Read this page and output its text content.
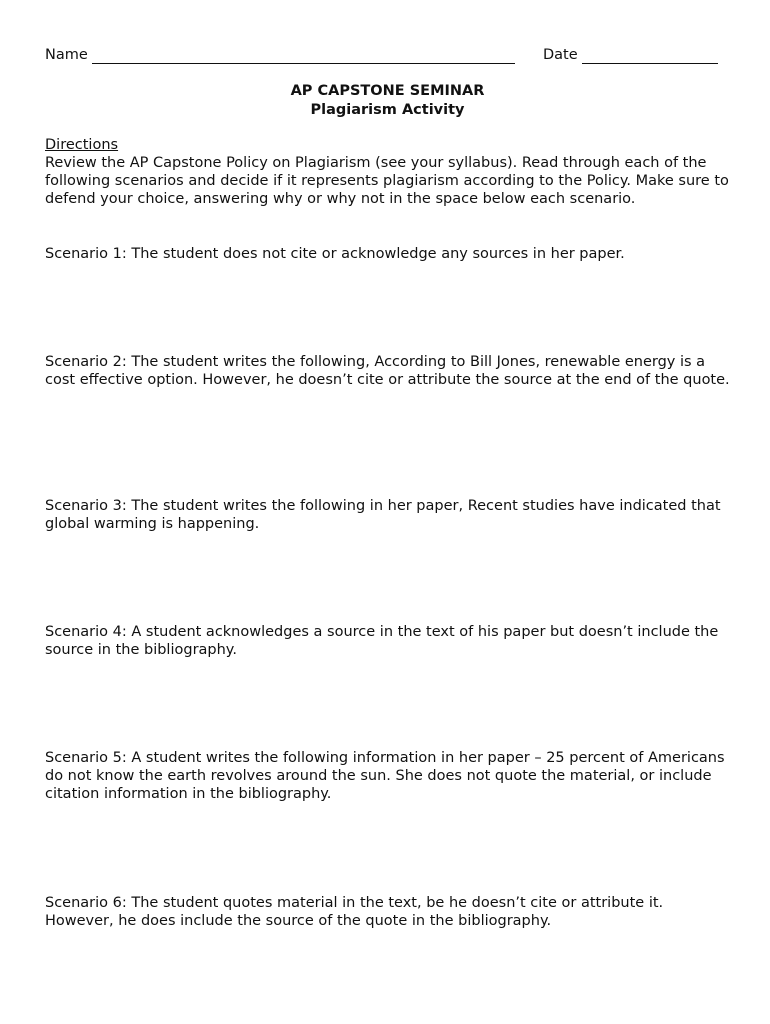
Name	Date
AP CAPSTONE SEMINAR
Plagiarism Activity
Directions
Review the AP Capstone Policy on Plagiarism (see your syllabus). Read through each of the following scenarios and decide if it represents plagiarism according to the Policy. Make sure to defend your choice, answering why or why not in the space below each scenario.
Scenario 1: The student does not cite or acknowledge any sources in her paper.
Scenario 2: The student writes the following, According to Bill Jones, renewable energy is a cost effective option. However, he doesn’t cite or attribute the source at the end of the quote.
Scenario 3: The student writes the following in her paper, Recent studies have indicated that global warming is happening.
Scenario 4: A student acknowledges a source in the text of his paper but doesn’t include the source in the bibliography.
Scenario 5: A student writes the following information in her paper – 25 percent of Americans do not know the earth revolves around the sun. She does not quote the material, or include citation information in the bibliography.
Scenario 6: The student quotes material in the text, be he doesn’t cite or attribute it. However, he does include the source of the quote in the bibliography.
